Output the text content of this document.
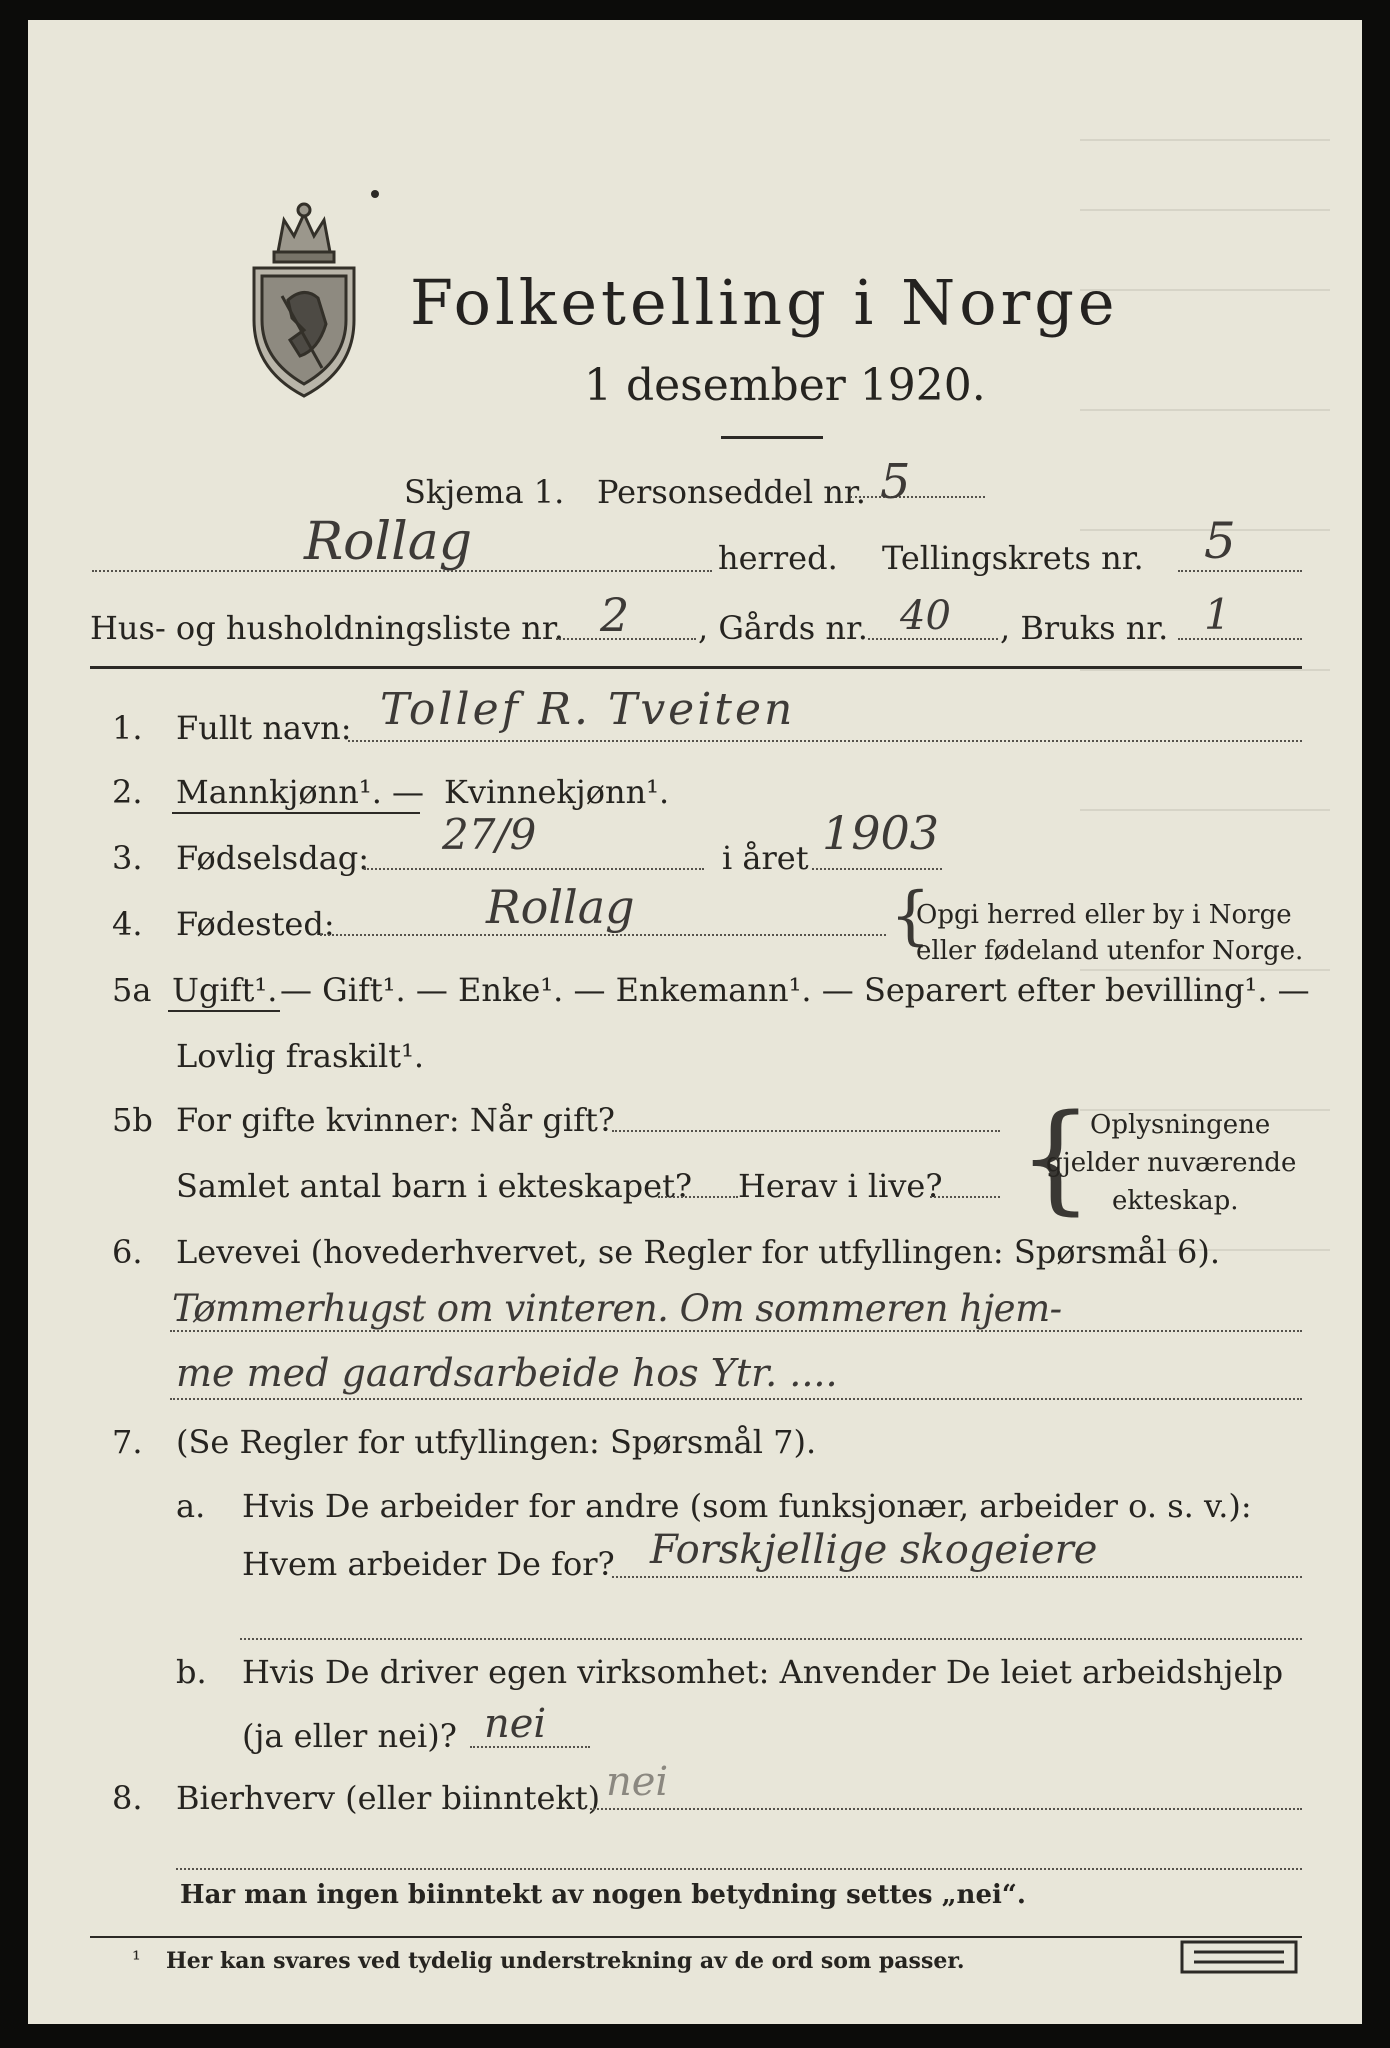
Folketelling i Norge
1 desember 1920.
Skjema 1. Personseddel nr. 5
Rollag	herred. Tellingskrets nr. 5
Hus- og husholdningsliste nr. 2 , Gårds nr. 40 , Bruks nr. 1
1. Fullt navn: Tollef R. Tveiten
2. Mannkjønn¹. — Kvinnekjønn¹.
3. Fødselsdag: 27/9	i året 1903
4. Fødested:	Rollag	{
Opgi herred eller by i Norge
eller fødeland utenfor Norge.
5a Ugift¹. — Gift¹. — Enke¹. — Enkemann¹. — Separert efter bevilling¹. —
Lovlig fraskilt¹.
5b For gifte kvinner: Når gift?
Samlet antal barn i ekteskapet? Herav i live? {
Oplysningene
gjelder nuværende
ekteskap.
6. Levevei (hovederhvervet, se Regler for utfyllingen: Spørsmål 6).
Tømmerhugst om vinteren. Om sommeren hjem-
me med gaardsarbeide hos Ytr. ....
7. (Se Regler for utfyllingen: Spørsmål 7).
a. Hvis De arbeider for andre (som funksjonær, arbeider o. s. v.):
Hvem arbeider De for? Forskjellige skogeiere
b. Hvis De driver egen virksomhet: Anvender De leiet arbeidshjelp
(ja eller nei)? nei
8. Bierhverv (eller biinntekt) nei
Har man ingen biinntekt av nogen betydning settes „nei“.
¹ Her kan svares ved tydelig understrekning av de ord som passer.
